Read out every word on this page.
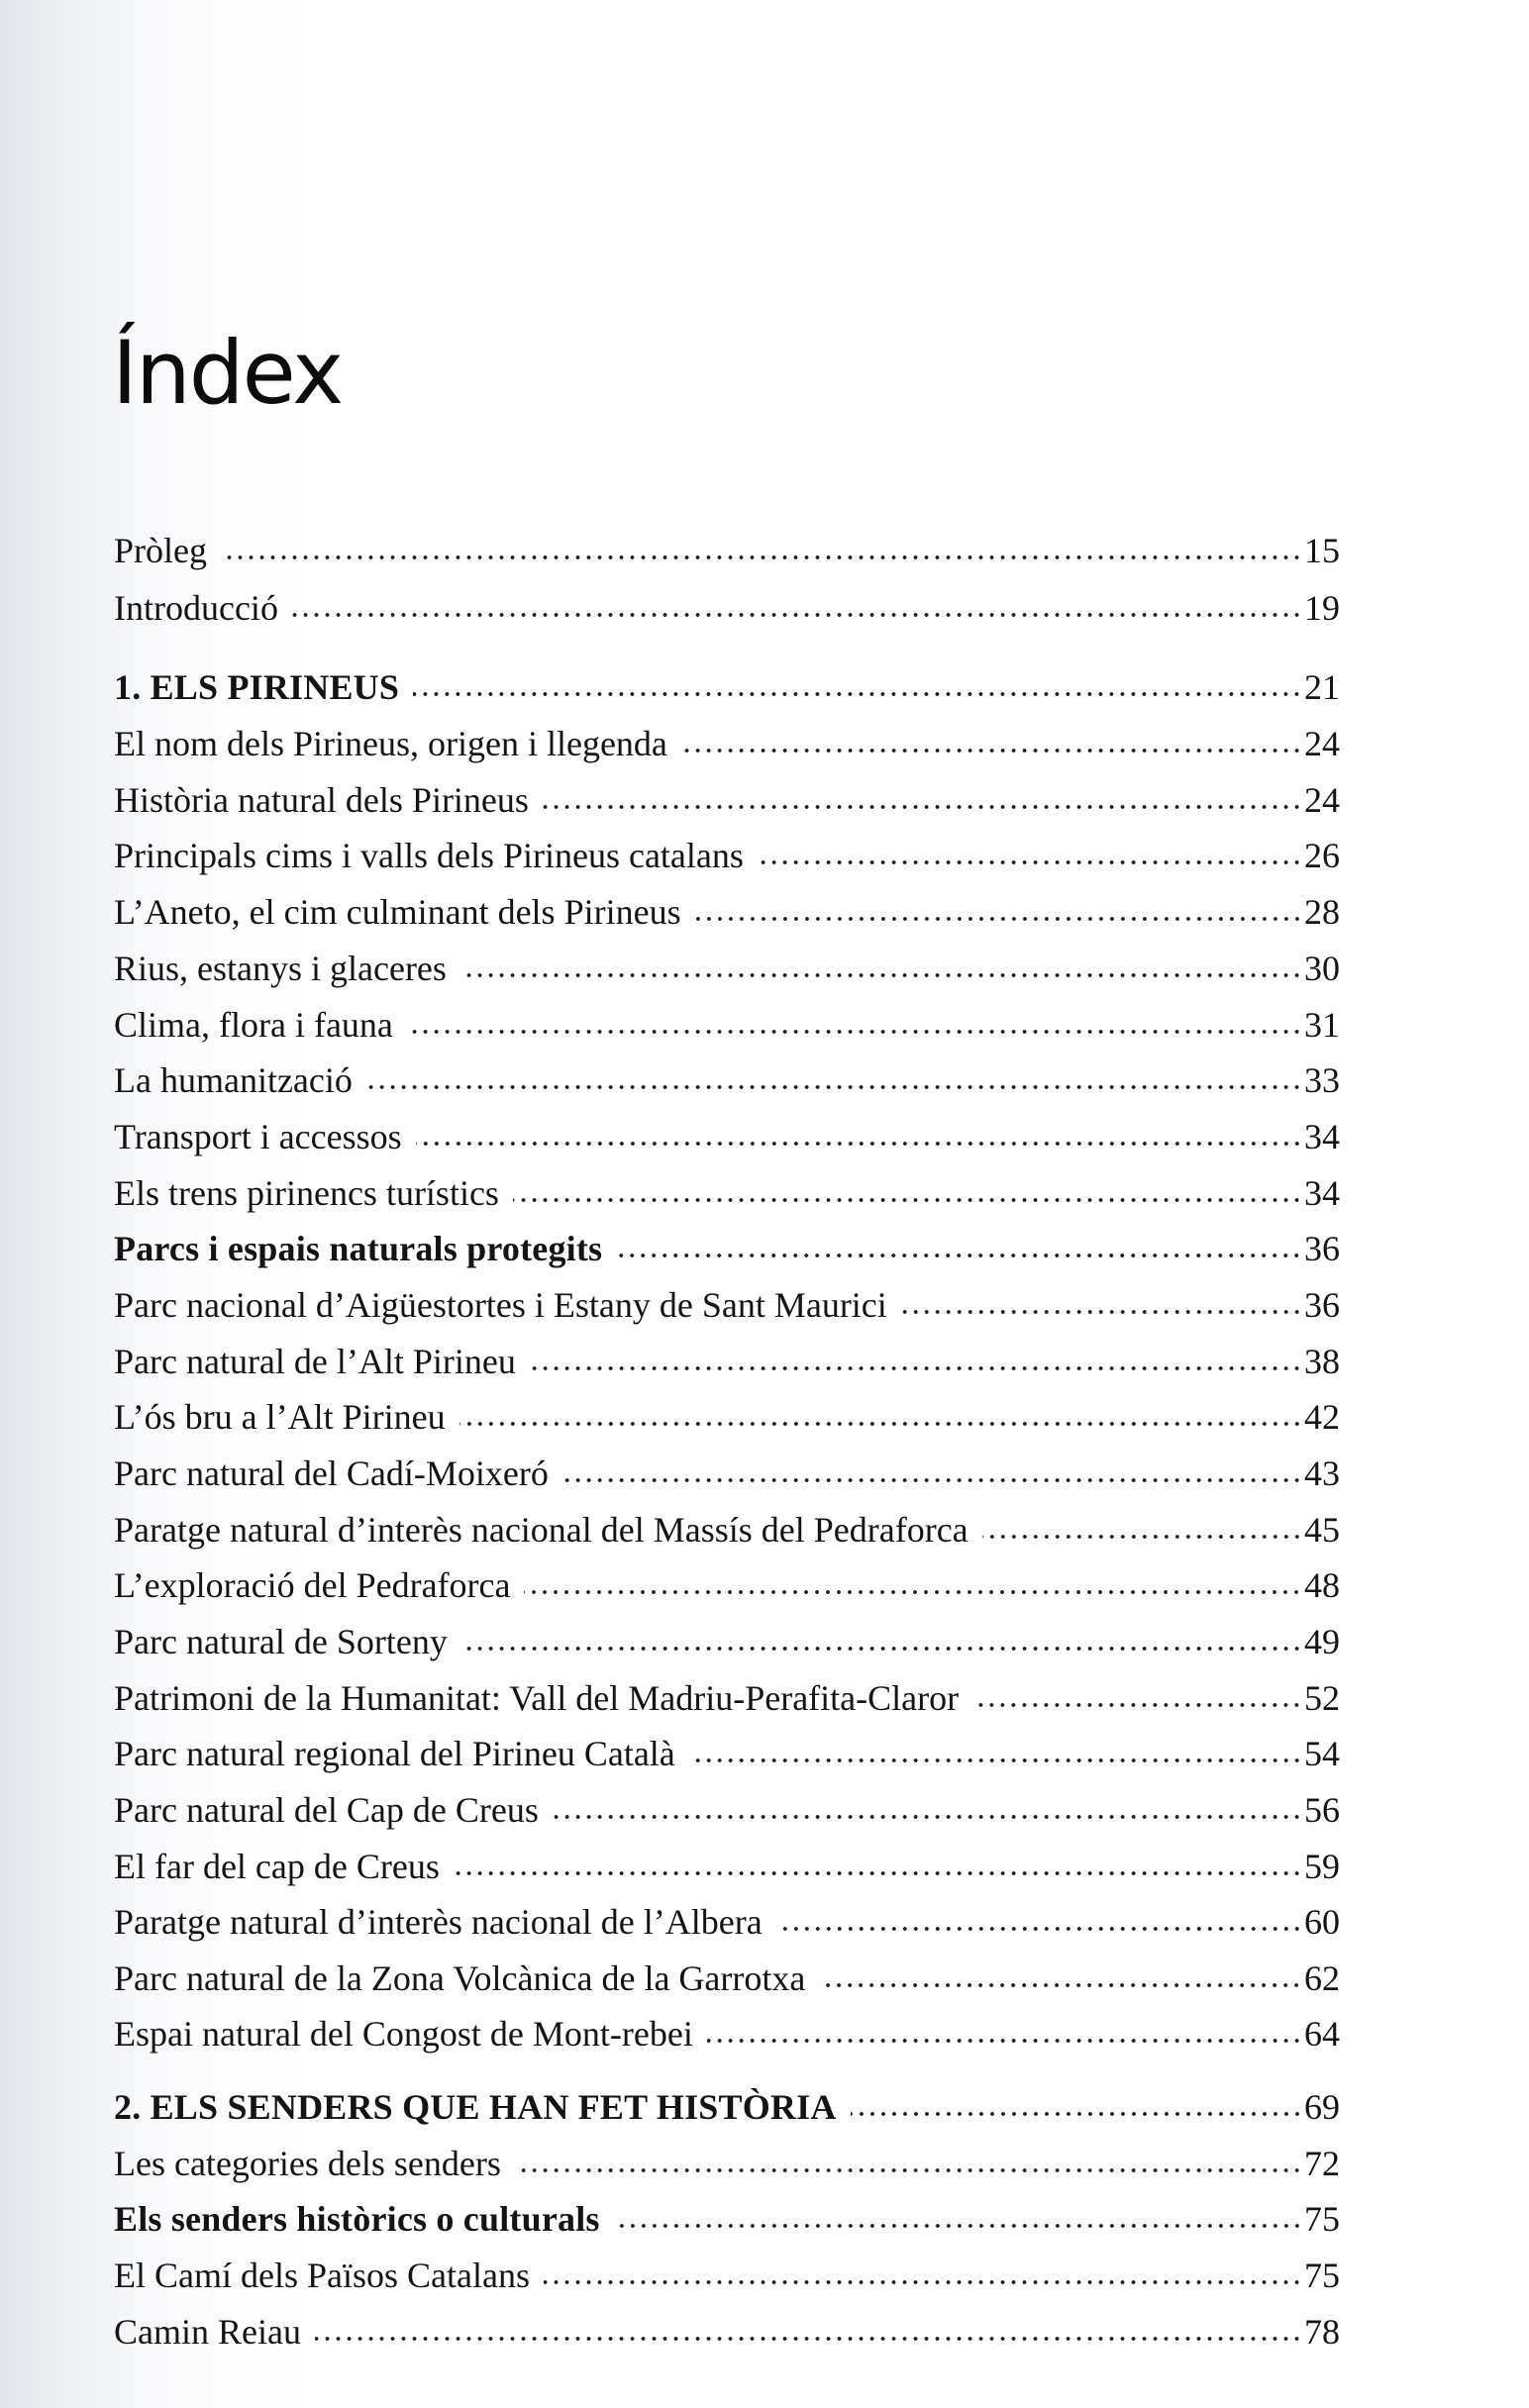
Índex
Pròleg	15
Introducció	19
1. ELS PIRINEUS	21
El nom dels Pirineus, origen i llegenda	24
Història natural dels Pirineus	24
Principals cims i valls dels Pirineus catalans	26
L’Aneto, el cim culminant dels Pirineus	28
Rius, estanys i glaceres	30
Clima, flora i fauna	31
La humanització	33
Transport i accessos	34
Els trens pirinencs turístics	34
Parcs i espais naturals protegits	36
Parc nacional d’Aigüestortes i Estany de Sant Maurici	36
Parc natural de l’Alt Pirineu	38
L’ós bru a l’Alt Pirineu	42
Parc natural del Cadí-Moixeró	43
Paratge natural d’interès nacional del Massís del Pedraforca	45
L’exploració del Pedraforca	48
Parc natural de Sorteny	49
Patrimoni de la Humanitat: Vall del Madriu-Perafita-Claror	52
Parc natural regional del Pirineu Català	54
Parc natural del Cap de Creus	56
El far del cap de Creus	59
Paratge natural d’interès nacional de l’Albera	60
Parc natural de la Zona Volcànica de la Garrotxa	62
Espai natural del Congost de Mont-rebei	64
2. ELS SENDERS QUE HAN FET HISTÒRIA	69
Les categories dels senders	72
Els senders històrics o culturals	75
El Camí dels Països Catalans	75
Camin Reiau	78
